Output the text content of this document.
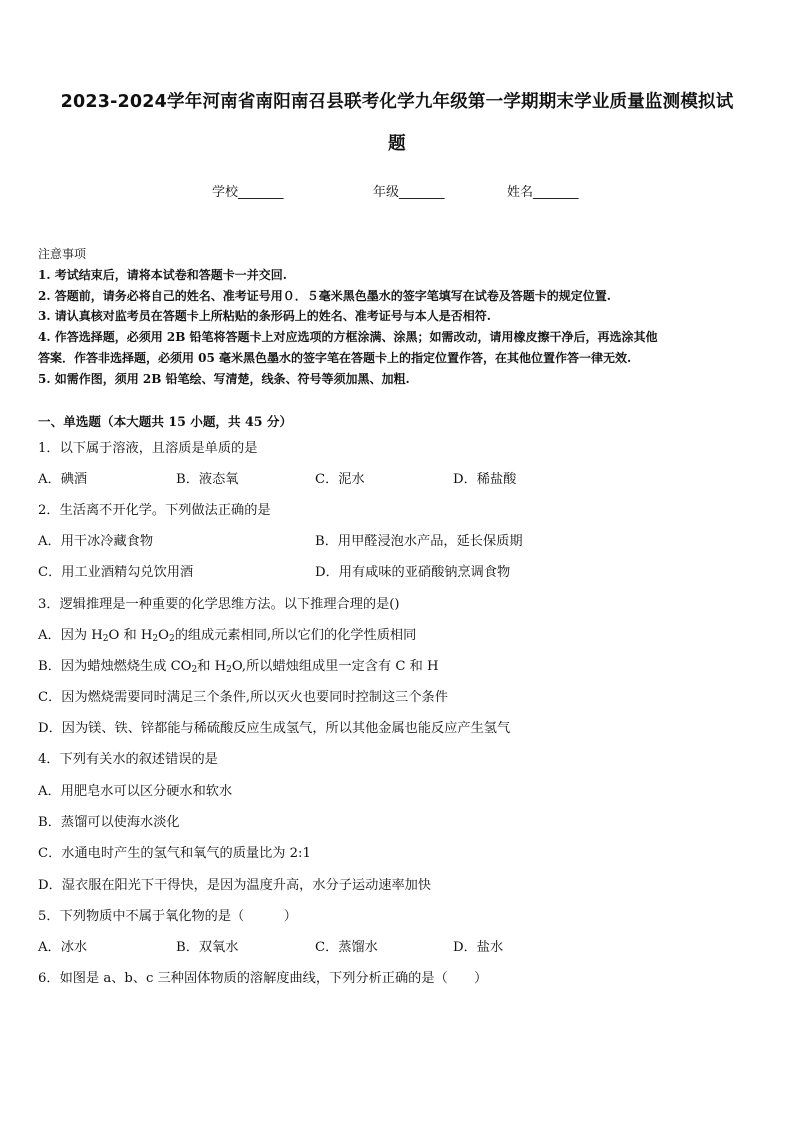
2023-2024学年河南省南阳南召县联考化学九年级第一学期期末学业质量监测模拟试
题
学校_______	年级_______	姓名_______
注意事项
1. 考试结束后，请将本试卷和答题卡一并交回.
2. 答题前，请务必将自己的姓名、准考证号用０．５毫米黑色墨水的签字笔填写在试卷及答题卡的规定位置.
3. 请认真核对监考员在答题卡上所粘贴的条形码上的姓名、准考证号与本人是否相符.
4. 作答选择题，必须用 2B 铅笔将答题卡上对应选项的方框涂满、涂黑；如需改动，请用橡皮擦干净后，再选涂其他
答案．作答非选择题，必须用 05 毫米黑色墨水的签字笔在答题卡上的指定位置作答，在其他位置作答一律无效.
5. 如需作图，须用 2B 铅笔绘、写清楚，线条、符号等须加黑、加粗.
一、单选题（本大题共 15 小题，共 45 分）
1．以下属于溶液，且溶质是单质的是
A．碘酒	B．液态氧	C．泥水	D．稀盐酸
2．生活离不开化学。下列做法正确的是
A．用干冰冷藏食物	B．用甲醛浸泡水产品，延长保质期
C．用工业酒精勾兑饮用酒	D．用有咸味的亚硝酸钠烹调食物
3．逻辑推理是一种重要的化学思维方法。以下推理合理的是()
A．因为 $H_2O$ 和 $H_2O_2$的组成元素相同,所以它们的化学性质相同
B．因为蜡烛燃烧生成 $CO_2$和 $H_2O$,所以蜡烛组成里一定含有 C 和 H
C．因为燃烧需要同时满足三个条件,所以灭火也要同时控制这三个条件
D．因为镁、铁、锌都能与稀硫酸反应生成氢气，所以其他金属也能反应产生氢气
4．下列有关水的叙述错误的是
A．用肥皂水可以区分硬水和软水
B．蒸馏可以使海水淡化
C．水通电时产生的氢气和氧气的质量比为 2:1
D．湿衣服在阳光下干得快，是因为温度升高，水分子运动速率加快
5．下列物质中不属于氧化物的是（　　　）
A．冰水	B．双氧水	C．蒸馏水	D．盐水
6．如图是 a、b、c 三种固体物质的溶解度曲线，下列分析正确的是（　　）
